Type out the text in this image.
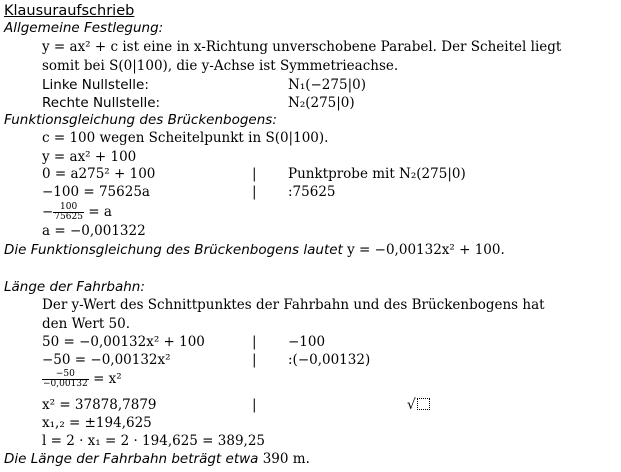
Klausuraufschrieb
Allgemeine Festlegung:
y = ax² + c ist eine in x-Richtung unverschobene Parabel. Der Scheitel liegt
somit bei S(0|100), die y-Achse ist Symmetrieachse.
Linke Nullstelle:	N₁(−275|0)
Rechte Nullstelle:	N₂(275|0)
Funktionsgleichung des Brückenbogens:
c = 100 wegen Scheitelpunkt in S(0|100).
y = ax² + 100
0 = a275² + 100	| Punktprobe mit N₂(275|0)
−100 = 75625a	| :75625
− $\frac{100}{75625} = a$
a = −0,001322
Die Funktionsgleichung des Brückenbogens lautet y = −0,00132x² + 100.
Länge der Fahrbahn:
Der y-Wert des Schnittpunktes der Fahrbahn und des Brückenbogens hat
den Wert 50.
50 = −0,00132x² + 100	| −100
−50 = −0,00132x²	| :(−0,00132)
$\frac{-50}{-0,00132} = x^2$
x² = 37878,7879	|	√
x₁,₂ = ±194,625
l = 2 · x₁ = 2 · 194,625 = 389,25
Die Länge der Fahrbahn beträgt etwa 390 m.
